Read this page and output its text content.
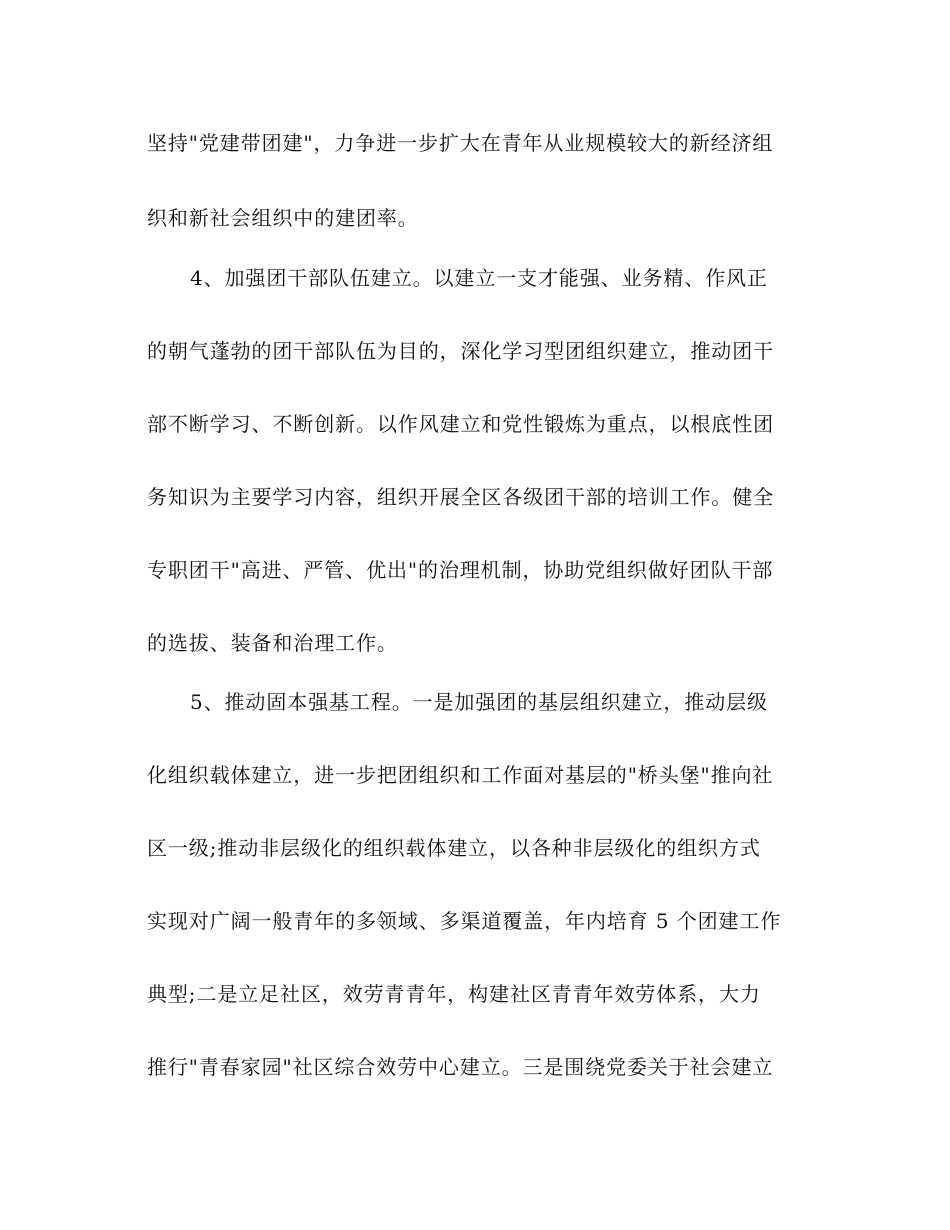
坚持"党建带团建"，力争进一步扩大在青年从业规模较大的新经济组
织和新社会组织中的建团率。
4、加强团干部队伍建立。以建立一支才能强、业务精、作风正
的朝气蓬勃的团干部队伍为目的，深化学习型团组织建立，推动团干
部不断学习、不断创新。以作风建立和党性锻炼为重点，以根底性团
务知识为主要学习内容，组织开展全区各级团干部的培训工作。健全
专职团干"高进、严管、优出"的治理机制，协助党组织做好团队干部
的选拔、装备和治理工作。
5、推动固本强基工程。一是加强团的基层组织建立，推动层级
化组织载体建立，进一步把团组织和工作面对基层的"桥头堡"推向社
区一级;推动非层级化的组织载体建立，以各种非层级化的组织方式
实现对广阔一般青年的多领域、多渠道覆盖，年内培育 5 个团建工作
典型;二是立足社区，效劳青青年，构建社区青青年效劳体系，大力
推行"青春家园"社区综合效劳中心建立。三是围绕党委关于社会建立
